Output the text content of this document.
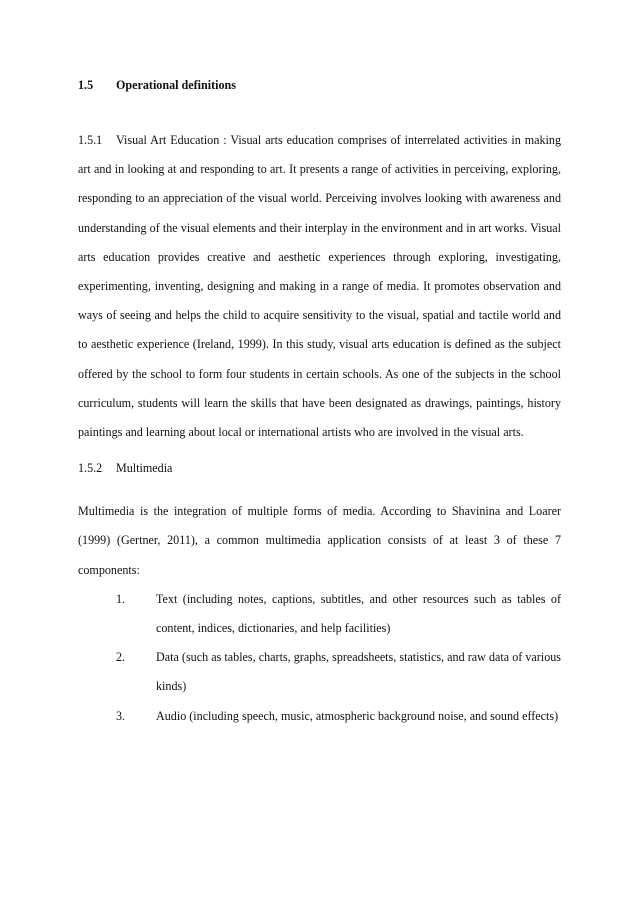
1.5 Operational definitions

1.5.1 Visual Art Education : Visual arts education comprises of interrelated activities in making art and in looking at and responding to art. It presents a range of activities in perceiving, exploring, responding to an appreciation of the visual world. Perceiving involves looking with awareness and understanding of the visual elements and their interplay in the environment and in art works. Visual arts education provides creative and aesthetic experiences through exploring, investigating, experimenting, inventing, designing and making in a range of media. It promotes observation and ways of seeing and helps the child to acquire sensitivity to the visual, spatial and tactile world and to aesthetic experience (Ireland, 1999). In this study, visual arts education is defined as the subject offered by the school to form four students in certain schools. As one of the subjects in the school curriculum, students will learn the skills that have been designated as drawings, paintings, history paintings and learning about local or international artists who are involved in the visual arts.

1.5.2 Multimedia

Multimedia is the integration of multiple forms of media. According to Shavinina and Loarer (1999) (Gertner, 2011), a common multimedia application consists of at least 3 of these 7 components:

1.	Text (including notes, captions, subtitles, and other resources such as tables of content, indices, dictionaries, and help facilities)
2.	Data (such as tables, charts, graphs, spreadsheets, statistics, and raw data of various kinds)
3.	Audio (including speech, music, atmospheric background noise, and sound effects)
